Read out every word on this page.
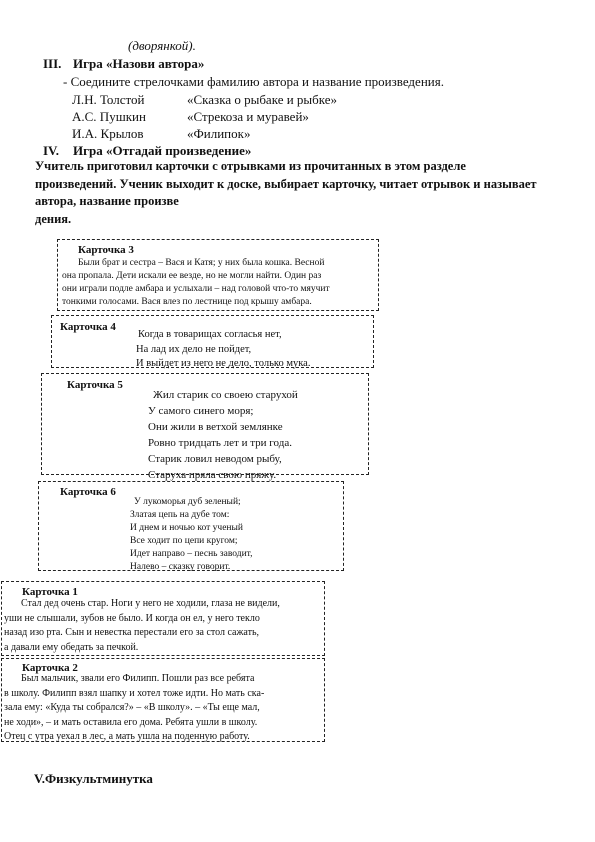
(дворянкой).
III. Игра «Назови автора»
- Соедините стрелочками фамилию автора и название произведения.
Л.Н. Толстой	«Сказка о рыбаке и рыбке»
А.С. Пушкин	«Стрекоза и муравей»
И.А. Крылов	«Филипок»
IV. Игра «Отгадай произведение»
Учитель приготовил карточки с отрывками из прочитанных в этом разделе
произведений. Ученик выходит к доске, выбирает карточку, читает отрывок и называет
автора, название произве
дения.
Карточка 3
Были брат и сестра – Вася и Катя; у них была кошка. Весной
она пропала. Дети искали ее везде, но не могли найти. Один раз
они играли подле амбара и услыхали – над головой что-то мяучит
тонкими голосами. Вася влез по лестнице под крышу амбара.
Карточка 4
Когда в товарищах согласья нет,
На лад их дело не пойдет,
И выйдет из него не дело, только мука.
Карточка 5
Жил старик со своею старухой
У самого синего моря;
Они жили в ветхой землянке
Ровно тридцать лет и три года.
Старик ловил неводом рыбу,
Старуха пряла свою пряжу.
Карточка 6
У лукоморья дуб зеленый;
Златая цепь на дубе том:
И днем и ночью кот ученый
Все ходит по цепи кругом;
Идет направо – песнь заводит,
Налево – сказку говорит.
Карточка 1
Стал дед очень стар. Ноги у него не ходили, глаза не видели,
уши не слышали, зубов не было. И когда он ел, у него текло
назад изо рта. Сын и невестка перестали его за стол сажать,
а давали ему обедать за печкой.
Карточка 2
Был мальчик, звали его Филипп. Пошли раз все ребята
в школу. Филипп взял шапку и хотел тоже идти. Но мать ска-
зала ему: «Куда ты собрался?» – «В школу». – «Ты еще мал,
не ходи», – и мать оставила его дома. Ребята ушли в школу.
Отец с утра уехал в лес, а мать ушла на поденную работу.
V.Физкультминутка
